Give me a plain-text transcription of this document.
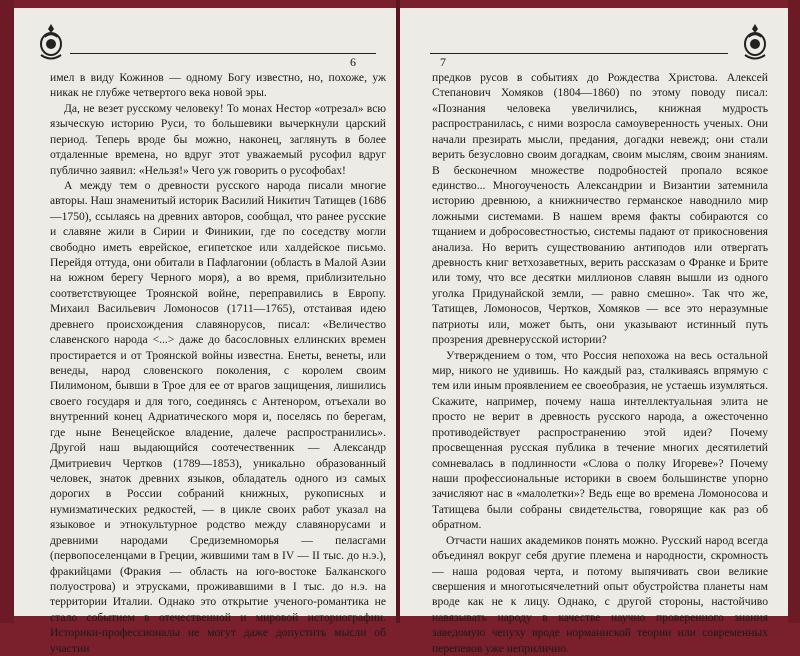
6

имел в виду Кожинов — одному Богу известно, но, похоже, уж никак не глубже четвертого века новой эры.

Да, не везет русскому человеку! То монах Нестор «отрезал» всю языческую историю Руси, то большевики вычеркнули царский период. Теперь вроде бы можно, наконец, заглянуть в более отдаленные времена, но вдруг этот уважаемый русофил вдруг публично заявил: «Нельзя!» Чего уж говорить о русофобах!

А между тем о древности русского народа писали многие авторы. Наш знаменитый историк Василий Никитич Татищев (1686—1750), ссылаясь на древних авторов, сообщал, что ранее русские и славяне жили в Сирии и Финикии, где по соседству могли свободно иметь еврейское, египетское или халдейское письмо. Перейдя оттуда, они обитали в Пафлагонии (область в Малой Азии на южном берегу Черного моря), а во время, приблизительно соответствующее Троянской войне, переправились в Европу. Михаил Васильевич Ломоносов (1711—1765), отстаивая идею древнего происхождения славянорусов, писал: «Величество славенского народа <...> даже до басословных еллинских времен простирается и от Троянской войны известна. Енеты, венеты, или венеды, народ словенского поколения, с королем своим Пилимоном, бывши в Трое для ее от врагов защищения, лишились своего государя и для того, соединясь с Антенором, отъехали во внутренний конец Адриатического моря и, поселясь по берегам, где ныне Венецейское владение, далече распространились». Другой наш выдающийся соотечественник — Александр Дмитриевич Чертков (1789—1853), уникально образованный человек, знаток древних языков, обладатель одного из самых дорогих в России собраний книжных, рукописных и нумизматических редкостей, — в цикле своих работ указал на языковое и этнокультурное родство между славянорусами и древними народами Средиземноморья — пеласгами (первопоселенцами в Греции, жившими там в IV — II тыс. до н.э.), фракийцами (Фракия — область на юго-востоке Балканского полуострова) и этрусками, проживавшими в I тыс. до н.э. на территории Италии. Однако это открытие ученого-романтика не стало событием в отечественной и мировой историографии. Историки-профессионалы не могут даже допустить мысли об участии

7

предков русов в событиях до Рождества Христова. Алексей Степанович Хомяков (1804—1860) по этому поводу писал: «Познания человека увеличились, книжная мудрость распространилась, с ними возросла самоуверенность ученых. Они начали презирать мысли, предания, догадки невежд; они стали верить безусловно своим догадкам, своим мыслям, своим знаниям. В бесконечном множестве подробностей пропало всякое единство... Многоученость Александрии и Византии затемнила историю древнюю, а книжничество германское наводнило мир ложными системами. В нашем время факты собираются со тщанием и добросовестностью, системы падают от прикосновения анализа. Но верить существованию антиподов или отвергать древность книг ветхозаветных, верить рассказам о Франке и Брите или тому, что все десятки миллионов славян вышли из одного уголка Придунайской земли, — равно смешно». Так что же, Татищев, Ломоносов, Чертков, Хомяков — все это неразумные патриоты или, может быть, они указывают истинный путь прозрения древнерусской истории?

Утверждением о том, что Россия непохожа на весь остальной мир, никого не удивишь. Но каждый раз, сталкиваясь впрямую с тем или иным проявлением ее своеобразия, не устаешь изумляться. Скажите, например, почему наша интеллектуальная элита не просто не верит в древность русского народа, а ожесточенно противодействует распространению этой идеи? Почему просвещенная русская публика в течение многих десятилетий сомневалась в подлинности «Слова о полку Игореве»? Почему наши профессиональные историки в своем большинстве упорно зачисляют нас в «малолетки»? Ведь еще во времена Ломоносова и Татищева были собраны свидетельства, говорящие как раз об обратном.

Отчасти наших академиков понять можно. Русский народ всегда объединял вокруг себя другие племена и народности, скромность — наша родовая черта, и потому выпячивать свои великие свершения и многотысячелетний опыт обустройства планеты нам вроде как не к лицу. Однако, с другой стороны, настойчиво навязывать народу в качестве научно проверенного знания заведомую чепуху вроде норманнской теории или современных перепевов уже неприлично.
